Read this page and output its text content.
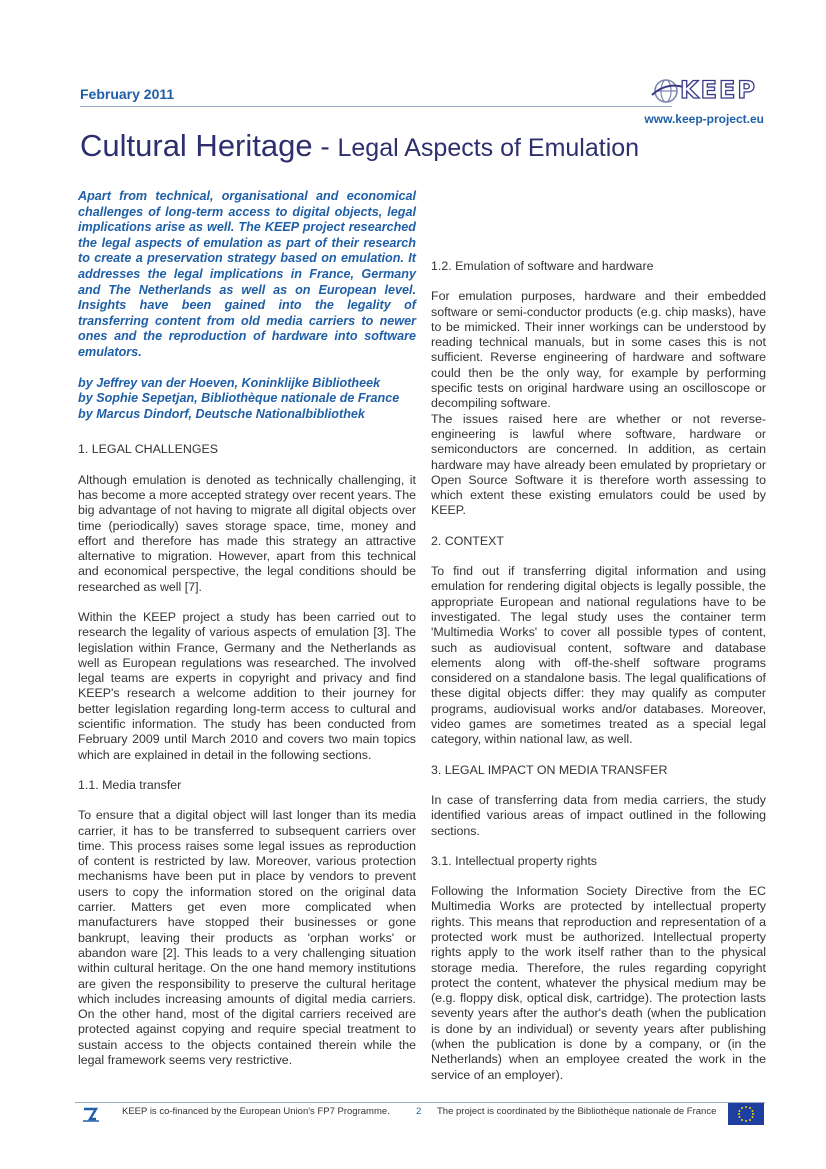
February 2011	KEEP
www.keep-project.eu
Cultural Heritage - Legal Aspects of Emulation

Apart from technical, organisational and economical challenges of long-term access to digital objects, legal implications arise as well. The KEEP project researched the legal aspects of emulation as part of their research to create a preservation strategy based on emulation. It addresses the legal implications in France, Germany and The Netherlands as well as on European level. Insights have been gained into the legality of transferring content from old media carriers to newer ones and the reproduction of hardware into software emulators.

by Jeffrey van der Hoeven, Koninklijke Bibliotheek
by Sophie Sepetjan, Bibliothèque nationale de France
by Marcus Dindorf, Deutsche Nationalbibliothek
1. LEGAL CHALLENGES

Although emulation is denoted as technically challenging, it has become a more accepted strategy over recent years. The big advantage of not having to migrate all digital objects over time (periodically) saves storage space, time, money and effort and therefore has made this strategy an attractive alternative to migration. However, apart from this technical and economical perspective, the legal conditions should be researched as well [7].

Within the KEEP project a study has been carried out to research the legality of various aspects of emulation [3]. The legislation within France, Germany and the Netherlands as well as European regulations was researched. The involved legal teams are experts in copyright and privacy and find KEEP's research a welcome addition to their journey for better legislation regarding long-term access to cultural and scientific information. The study has been conducted from February 2009 until March 2010 and covers two main topics which are explained in detail in the following sections.

1.1. Media transfer

To ensure that a digital object will last longer than its media carrier, it has to be transferred to subsequent carriers over time. This process raises some legal issues as reproduction of content is restricted by law. Moreover, various protection mechanisms have been put in place by vendors to prevent users to copy the information stored on the original data carrier. Matters get even more complicated when manufacturers have stopped their businesses or gone bankrupt, leaving their products as 'orphan works' or abandon ware [2]. This leads to a very challenging situation within cultural heritage. On the one hand memory institutions are given the responsibility to preserve the cultural heritage which includes increasing amounts of digital media carriers. On the other hand, most of the digital carriers received are protected against copying and require special treatment to sustain access to the objects contained therein while the legal framework seems very restrictive.

1.2. Emulation of software and hardware

For emulation purposes, hardware and their embedded software or semi-conductor products (e.g. chip masks), have to be mimicked. Their inner workings can be understood by reading technical manuals, but in some cases this is not sufficient. Reverse engineering of hardware and software could then be the only way, for example by performing specific tests on original hardware using an oscilloscope or decompiling software.

The issues raised here are whether or not reverse-engineering is lawful where software, hardware or semiconductors are concerned. In addition, as certain hardware may have already been emulated by proprietary or Open Source Software it is therefore worth assessing to which extent these existing emulators could be used by KEEP.

2. CONTEXT

To find out if transferring digital information and using emulation for rendering digital objects is legally possible, the appropriate European and national regulations have to be investigated. The legal study uses the container term 'Multimedia Works' to cover all possible types of content, such as audiovisual content, software and database elements along with off-the-shelf software programs considered on a standalone basis. The legal qualifications of these digital objects differ: they may qualify as computer programs, audiovisual works and/or databases. Moreover, video games are sometimes treated as a special legal category, within national law, as well.

3. LEGAL IMPACT ON MEDIA TRANSFER

In case of transferring data from media carriers, the study identified various areas of impact outlined in the following sections.

3.1. Intellectual property rights

Following the Information Society Directive from the EC Multimedia Works are protected by intellectual property rights. This means that reproduction and representation of a protected work must be authorized. Intellectual property rights apply to the work itself rather than to the physical storage media. Therefore, the rules regarding copyright protect the content, whatever the physical medium may be (e.g. floppy disk, optical disk, cartridge). The protection lasts seventy years after the author's death (when the publication is done by an individual) or seventy years after publishing (when the publication is done by a company, or (in the Netherlands) when an employee created the work in the service of an employer).

KEEP is co-financed by the European Union's FP7 Programme.	2 The project is coordinated by the Bibliothèque nationale de France
